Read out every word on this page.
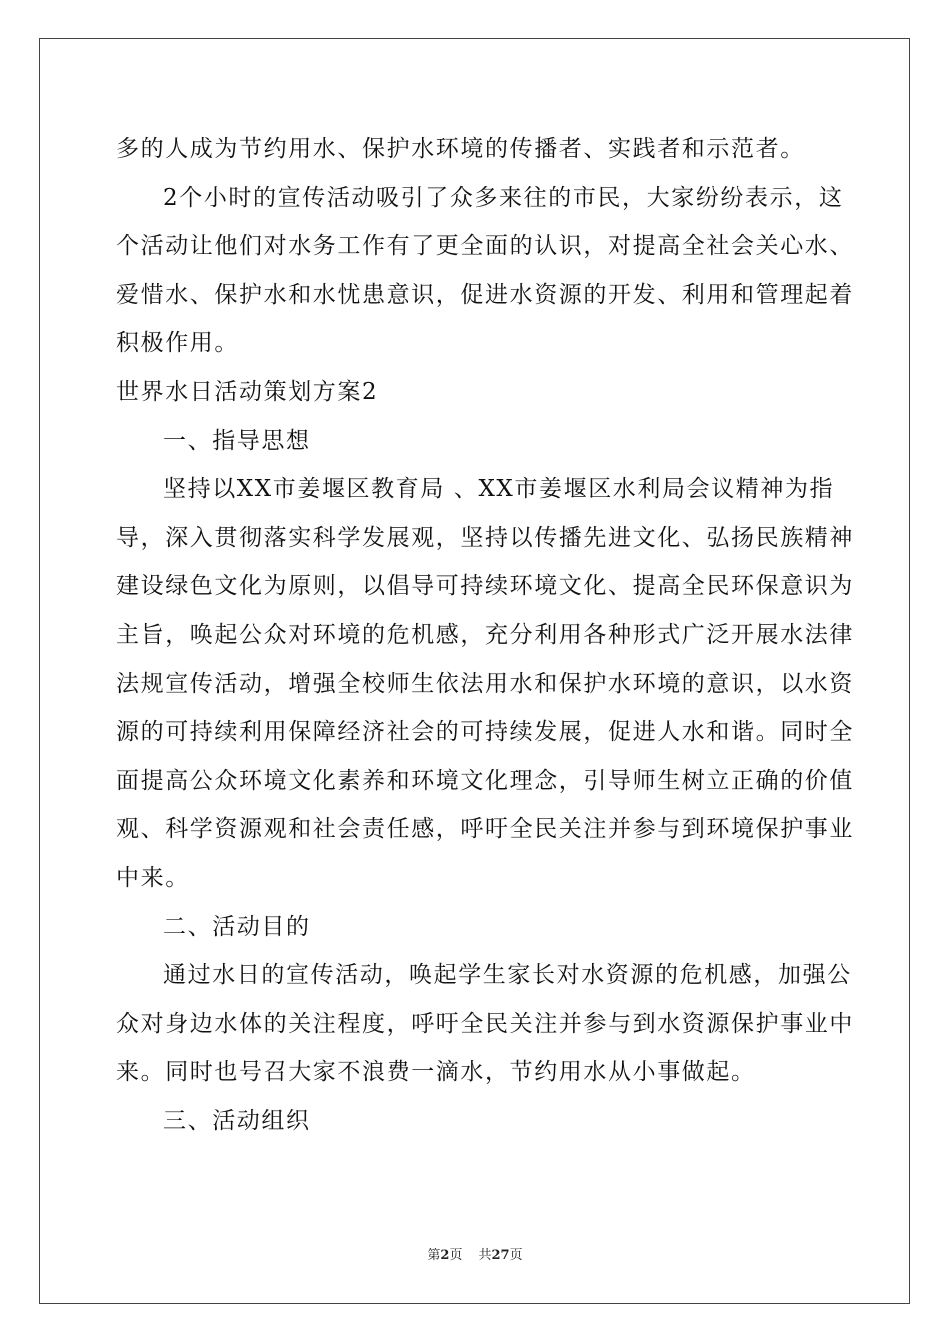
多的人成为节约用水、保护水环境的传播者、实践者和示范者。
2个小时的宣传活动吸引了众多来往的市民，大家纷纷表示，这
个活动让他们对水务工作有了更全面的认识，对提高全社会关心水、
爱惜水、保护水和水忧患意识，促进水资源的开发、利用和管理起着
积极作用。
世界水日活动策划方案2
一、指导思想
坚持以XX市姜堰区教育局 、XX市姜堰区水利局会议精神为指
导，深入贯彻落实科学发展观，坚持以传播先进文化、弘扬民族精神
建设绿色文化为原则，以倡导可持续环境文化、提高全民环保意识为
主旨，唤起公众对环境的危机感，充分利用各种形式广泛开展水法律
法规宣传活动，增强全校师生依法用水和保护水环境的意识，以水资
源的可持续利用保障经济社会的可持续发展，促进人水和谐。同时全
面提高公众环境文化素养和环境文化理念，引导师生树立正确的价值
观、科学资源观和社会责任感，呼吁全民关注并参与到环境保护事业
中来。
二、活动目的
通过水日的宣传活动，唤起学生家长对水资源的危机感，加强公
众对身边水体的关注程度，呼吁全民关注并参与到水资源保护事业中
来。同时也号召大家不浪费一滴水，节约用水从小事做起。
三、活动组织
第2页 共27页
